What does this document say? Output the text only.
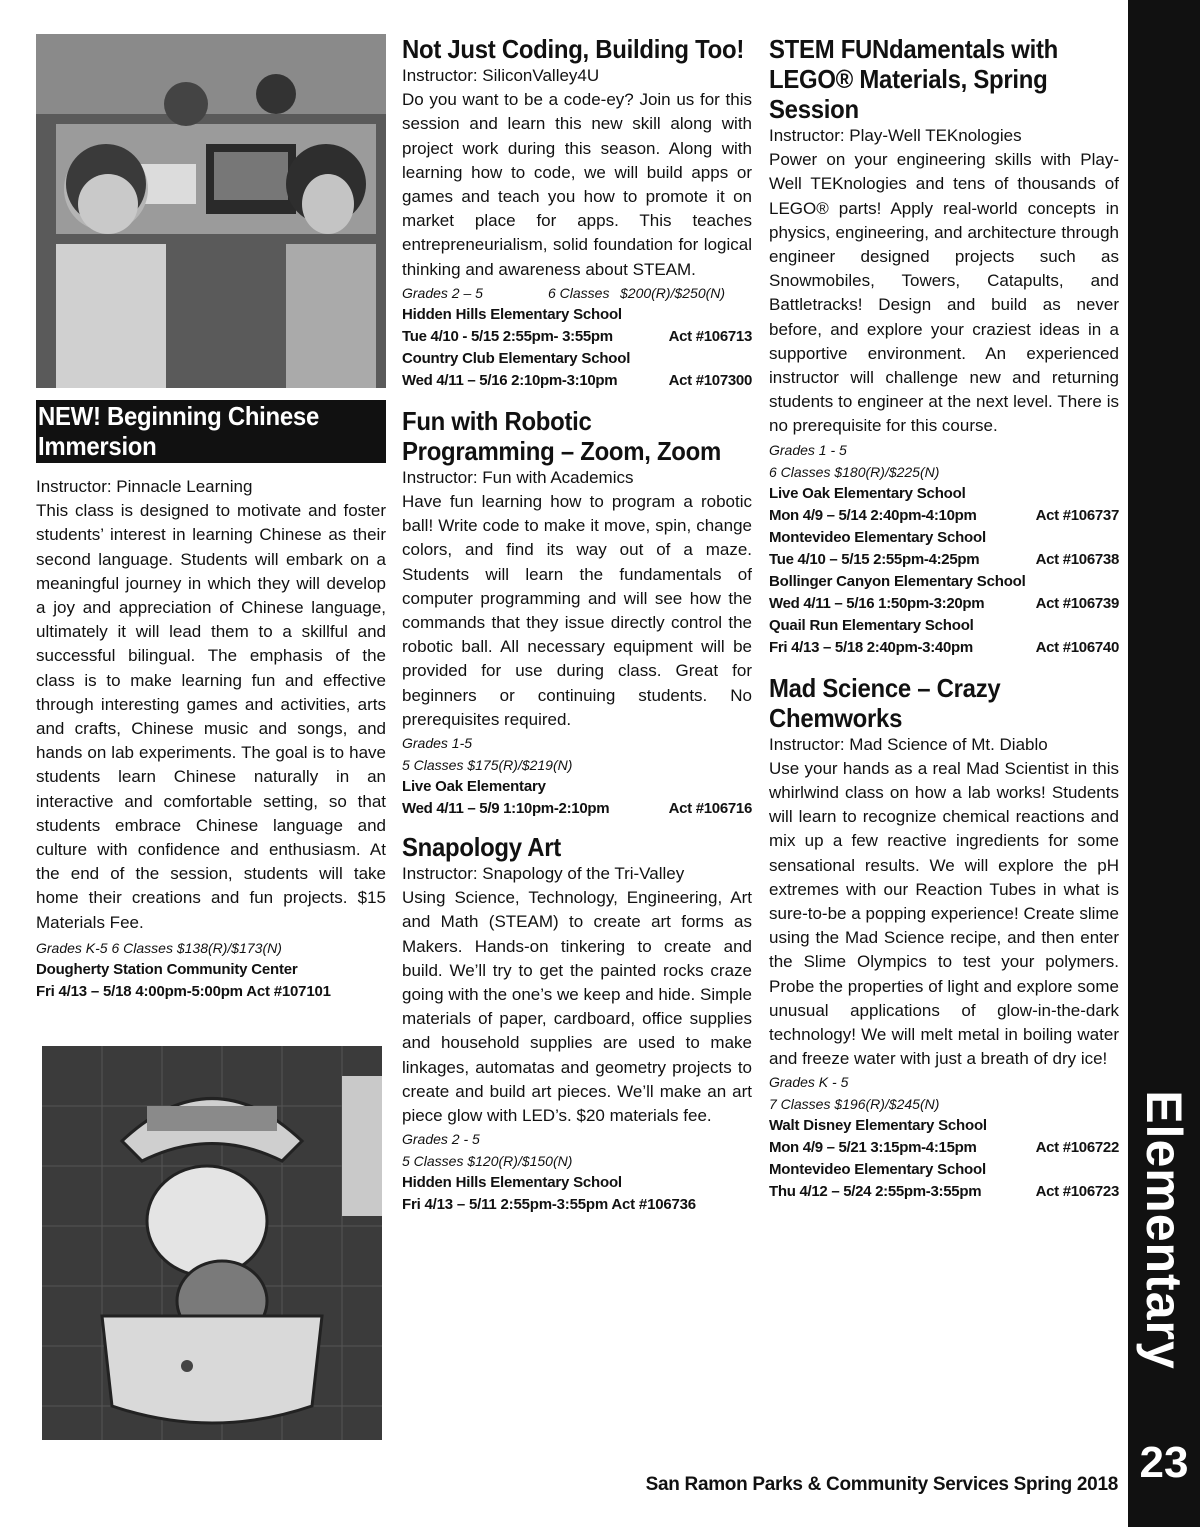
NEW! Beginning Chinese Immersion

Instructor: Pinnacle Learning

This class is designed to motivate and foster students’ interest in learning Chinese as their second language. Students will embark on a meaningful journey in which they will develop a joy and appreciation of Chinese language, ultimately it will lead them to a skillful and successful bilingual. The emphasis of the class is to make learning fun and effective through interesting games and activities, arts and crafts, Chinese music and songs, and hands on lab experiments. The goal is to have students learn Chinese naturally in an interactive and comfortable setting, so that students embrace Chinese language and culture with confidence and enthusiasm. At the end of the session, students will take home their creations and fun projects. $15 Materials Fee.

Grades K-5 6 Classes $138(R)/$173(N)

Dougherty Station Community Center

Fri 4/13 – 5/18 4:00pm-5:00pm Act #107101

Not Just Coding, Building Too!

Instructor: SiliconValley4U

Do you want to be a code-ey? Join us for this session and learn this new skill along with project work during this season. Along with learning how to code, we will build apps or games and teach you how to promote it on market place for apps. This teaches entrepreneurialism, solid foundation for logical thinking and awareness about STEAM.

Grades 2 – 5	6 Classes $200(R)/$250(N)

Hidden Hills Elementary School

Tue 4/10 - 5/15 2:55pm- 3:55pm	Act #106713

Country Club Elementary School

Wed 4/11 – 5/16 2:10pm-3:10pm	Act #107300

Fun with Robotic Programming – Zoom, Zoom

Instructor: Fun with Academics

Have fun learning how to program a robotic ball! Write code to make it move, spin, change colors, and find its way out of a maze. Students will learn the fundamentals of computer programming and will see how the commands that they issue directly control the robotic ball. All necessary equipment will be provided for use during class. Great for beginners or continuing students. No prerequisites required.

Grades 1-5

5 Classes $175(R)/$219(N)

Live Oak Elementary

Wed 4/11 – 5/9 1:10pm-2:10pm	Act #106716

Snapology Art

Instructor: Snapology of the Tri-Valley

Using Science, Technology, Engineering, Art and Math (STEAM) to create art forms as Makers. Hands-on tinkering to create and build. We’ll try to get the painted rocks craze going with the one’s we keep and hide. Simple materials of paper, cardboard, office supplies and household supplies are used to make linkages, automatas and geometry projects to create and build art pieces. We’ll make an art piece glow with LED’s. $20 materials fee.

Grades 2 - 5

5 Classes $120(R)/$150(N)

Hidden Hills Elementary School

Fri 4/13 – 5/11 2:55pm-3:55pm Act #106736

STEM FUNdamentals with LEGO® Materials, Spring Session

Instructor: Play-Well TEKnologies

Power on your engineering skills with Play-Well TEKnologies and tens of thousands of LEGO® parts! Apply real-world concepts in physics, engineering, and architecture through engineer designed projects such as Snowmobiles, Towers, Catapults, and Battletracks! Design and build as never before, and explore your craziest ideas in a supportive environment. An experienced instructor will challenge new and returning students to engineer at the next level. There is no prerequisite for this course.

Grades 1 - 5

6 Classes $180(R)/$225(N)

Live Oak Elementary School

Mon 4/9 – 5/14 2:40pm-4:10pm	Act #106737

Montevideo Elementary School

Tue 4/10 – 5/15 2:55pm-4:25pm	Act #106738

Bollinger Canyon Elementary School

Wed 4/11 – 5/16 1:50pm-3:20pm	Act #106739

Quail Run Elementary School

Fri 4/13 – 5/18 2:40pm-3:40pm	Act #106740

Mad Science – Crazy Chemworks

Instructor: Mad Science of Mt. Diablo

Use your hands as a real Mad Scientist in this whirlwind class on how a lab works! Students will learn to recognize chemical reactions and mix up a few reactive ingredients for some sensational results. We will explore the pH extremes with our Reaction Tubes in what is sure-to-be a popping experience! Create slime using the Mad Science recipe, and then enter the Slime Olympics to test your polymers. Probe the properties of light and explore some unusual applications of glow-in-the-dark technology! We will melt metal in boiling water and freeze water with just a breath of dry ice!

Grades K - 5

7 Classes $196(R)/$245(N)

Walt Disney Elementary School

Mon 4/9 – 5/21 3:15pm-4:15pm	Act #106722

Montevideo Elementary School

Thu 4/12 – 5/24 2:55pm-3:55pm	Act #106723 Elementary
23
San Ramon Parks & Community Services Spring 2018
